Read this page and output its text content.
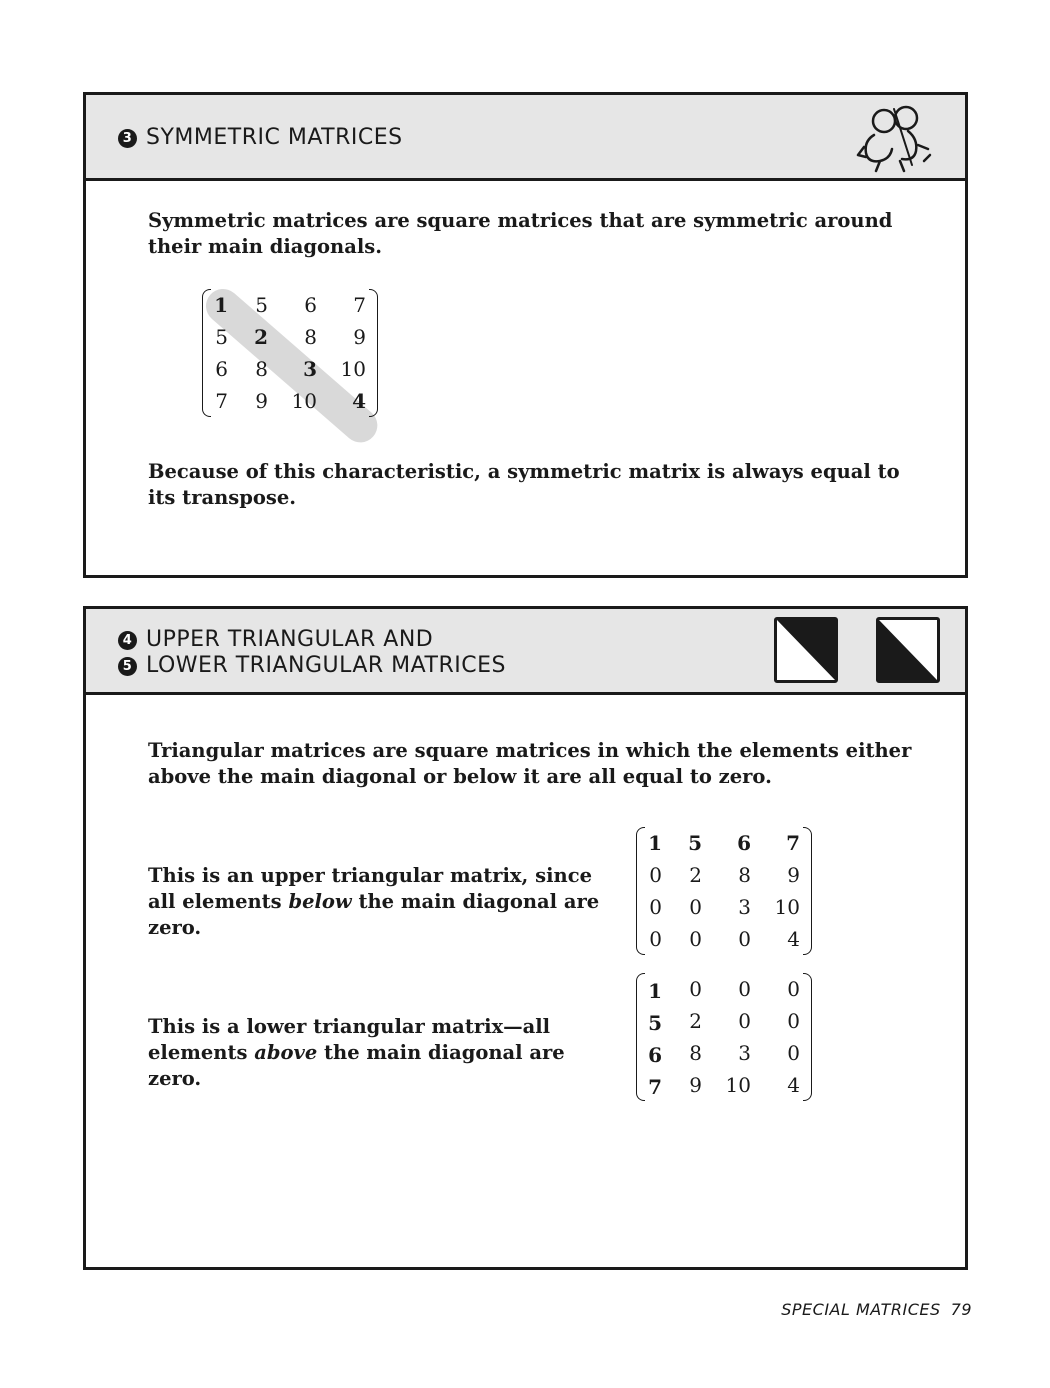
3 SYMMETRIC MATRICES

Symmetric matrices are square matrices that are symmetric around their main diagonals.

1	5	6	7
5	2	8	9
6	8	3	10
7	9	10	4

Because of this characteristic, a symmetric matrix is always equal to its transpose.

4 UPPER TRIANGULAR AND
5 LOWER TRIANGULAR MATRICES

Triangular matrices are square matrices in which the elements either above the main diagonal or below it are all equal to zero.

This is an upper triangular matrix, since all elements below the main diagonal are zero.

1	5	6	7
0	2	8	9
0	0	3	10
0	0	0	4

This is a lower triangular matrix—all elements above the main diagonal are zero.

1	0	0	0
5	2	0	0
6	8	3	0
7	9	10	4
SPECIAL MATRICES 79
